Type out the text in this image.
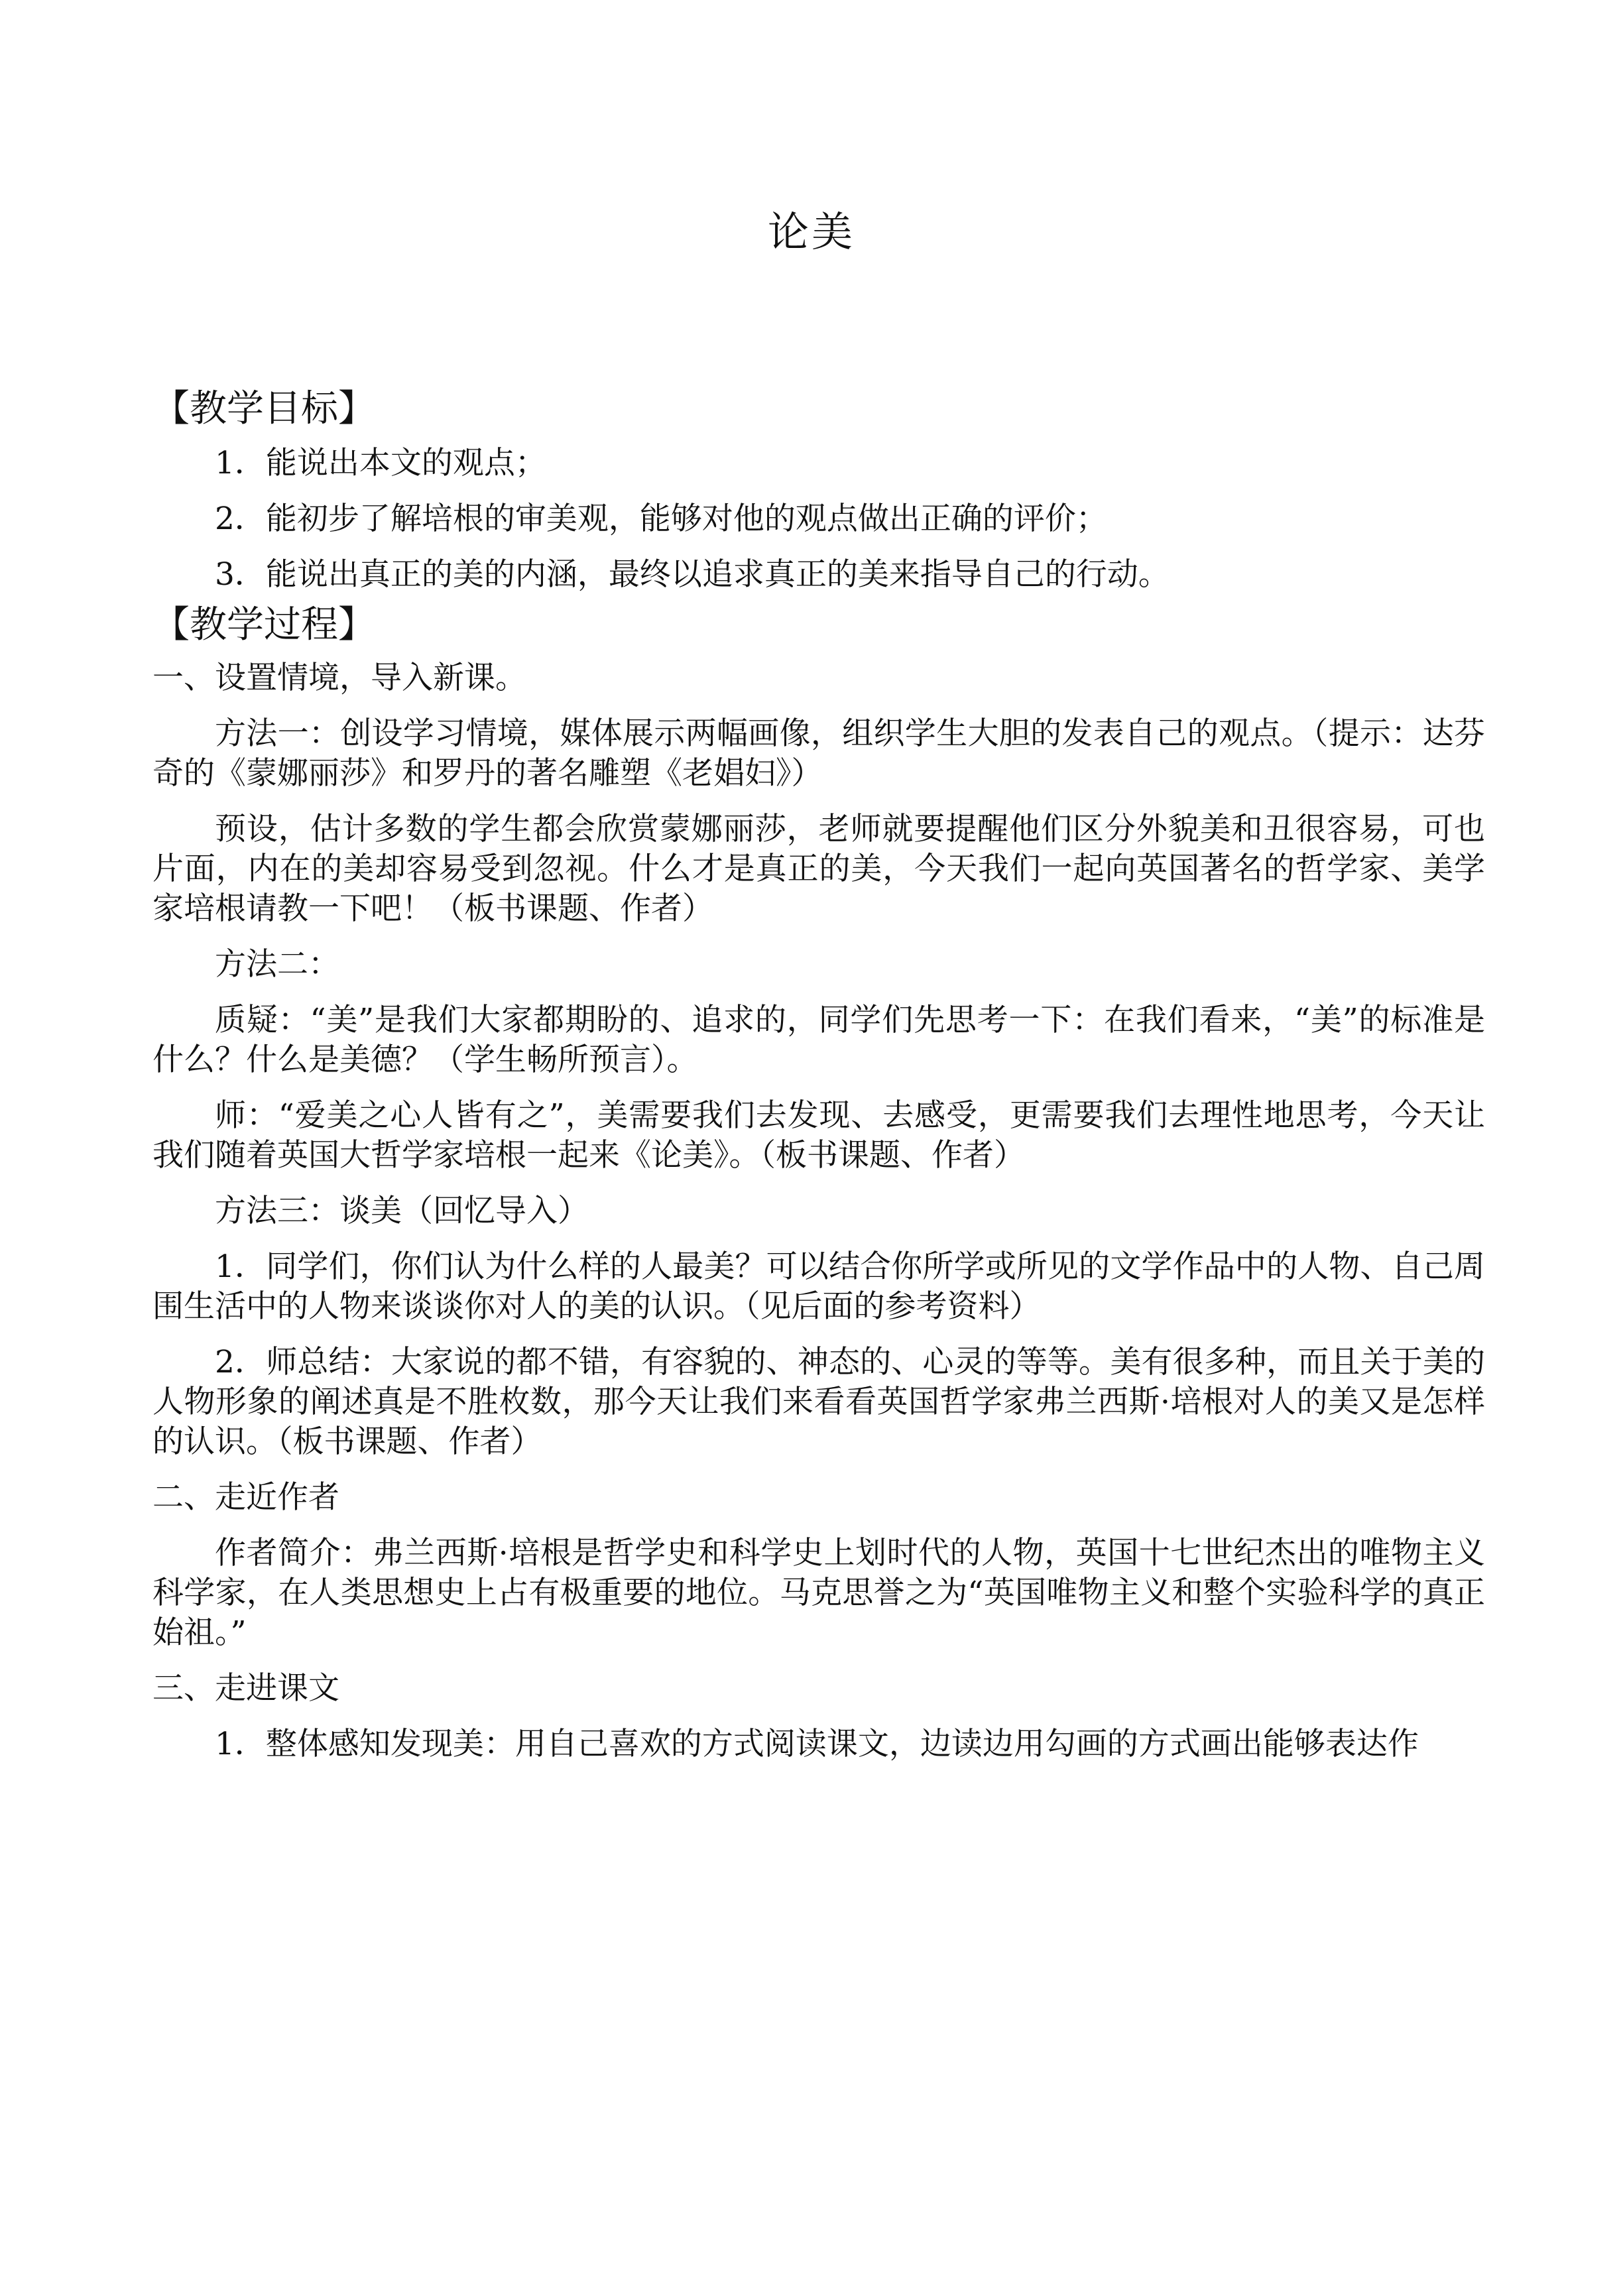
论美

【教学目标】

1．能说出本文的观点；

2．能初步了解培根的审美观，能够对他的观点做出正确的评价；

3．能说出真正的美的内涵，最终以追求真正的美来指导自己的行动。

【教学过程】

一、设置情境，导入新课。

方法一：创设学习情境，媒体展示两幅画像，组织学生大胆的发表自己的观点。（提示：达芬奇的《蒙娜丽莎》和罗丹的著名雕塑《老娼妇》）

预设，估计多数的学生都会欣赏蒙娜丽莎，老师就要提醒他们区分外貌美和丑很容易，可也片面，内在的美却容易受到忽视。什么才是真正的美，今天我们一起向英国著名的哲学家、美学家培根请教一下吧！（板书课题、作者）

方法二：

质疑：“美”是我们大家都期盼的、追求的，同学们先思考一下：在我们看来，“美”的标准是什么？什么是美德？（学生畅所预言）。

师：“爱美之心人皆有之”，美需要我们去发现、去感受，更需要我们去理性地思考，今天让我们随着英国大哲学家培根一起来《论美》。（板书课题、作者）

方法三：谈美（回忆导入）

1．同学们，你们认为什么样的人最美？可以结合你所学或所见的文学作品中的人物、自己周围生活中的人物来谈谈你对人的美的认识。（见后面的参考资料）

2．师总结：大家说的都不错，有容貌的、神态的、心灵的等等。美有很多种，而且关于美的人物形象的阐述真是不胜枚数，那今天让我们来看看英国哲学家弗兰西斯·培根对人的美又是怎样的认识。（板书课题、作者）

二、走近作者

作者简介：弗兰西斯·培根是哲学史和科学史上划时代的人物，英国十七世纪杰出的唯物主义科学家，在人类思想史上占有极重要的地位。马克思誉之为“英国唯物主义和整个实验科学的真正始祖。”

三、走进课文

1．整体感知发现美：用自己喜欢的方式阅读课文，边读边用勾画的方式画出能够表达作
